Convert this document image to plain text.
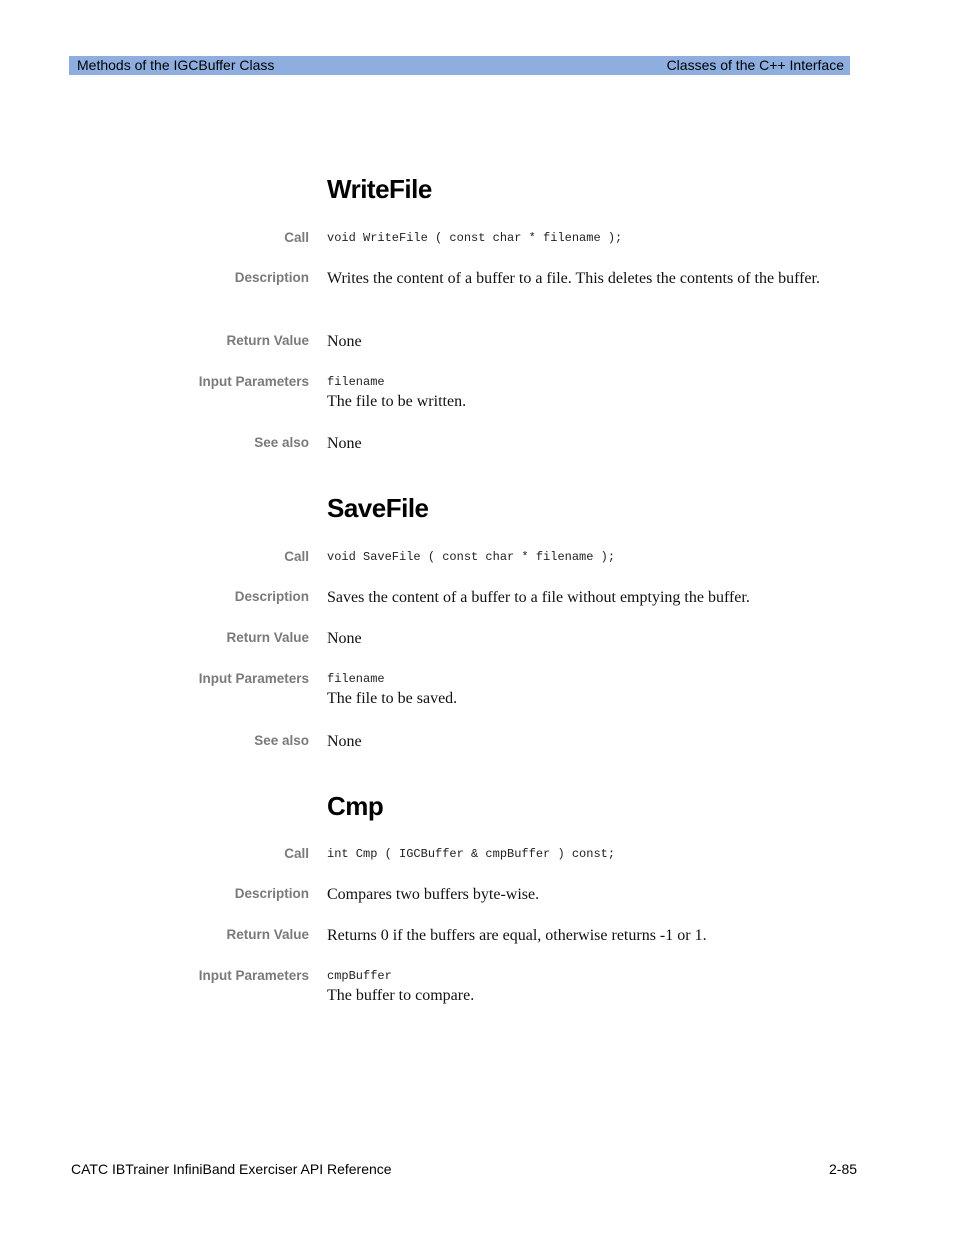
Methods of the IGCBuffer Class	Classes of the C++ Interface
WriteFile
Call void WriteFile ( const char * filename );
Description Writes the content of a buffer to a file. This deletes the contents of the buffer.
Return Value None
Input Parameters filename
The file to be written.
See also None
SaveFile
Call void SaveFile ( const char * filename );
Description Saves the content of a buffer to a file without emptying the buffer.
Return Value None
Input Parameters filename
The file to be saved.
See also None
Cmp
Call int Cmp ( IGCBuffer & cmpBuffer ) const;
Description Compares two buffers byte-wise.
Return Value Returns 0 if the buffers are equal, otherwise returns -1 or 1.
Input Parameters cmpBuffer
The buffer to compare.
CATC IBTrainer InfiniBand Exerciser API Reference	2-85
